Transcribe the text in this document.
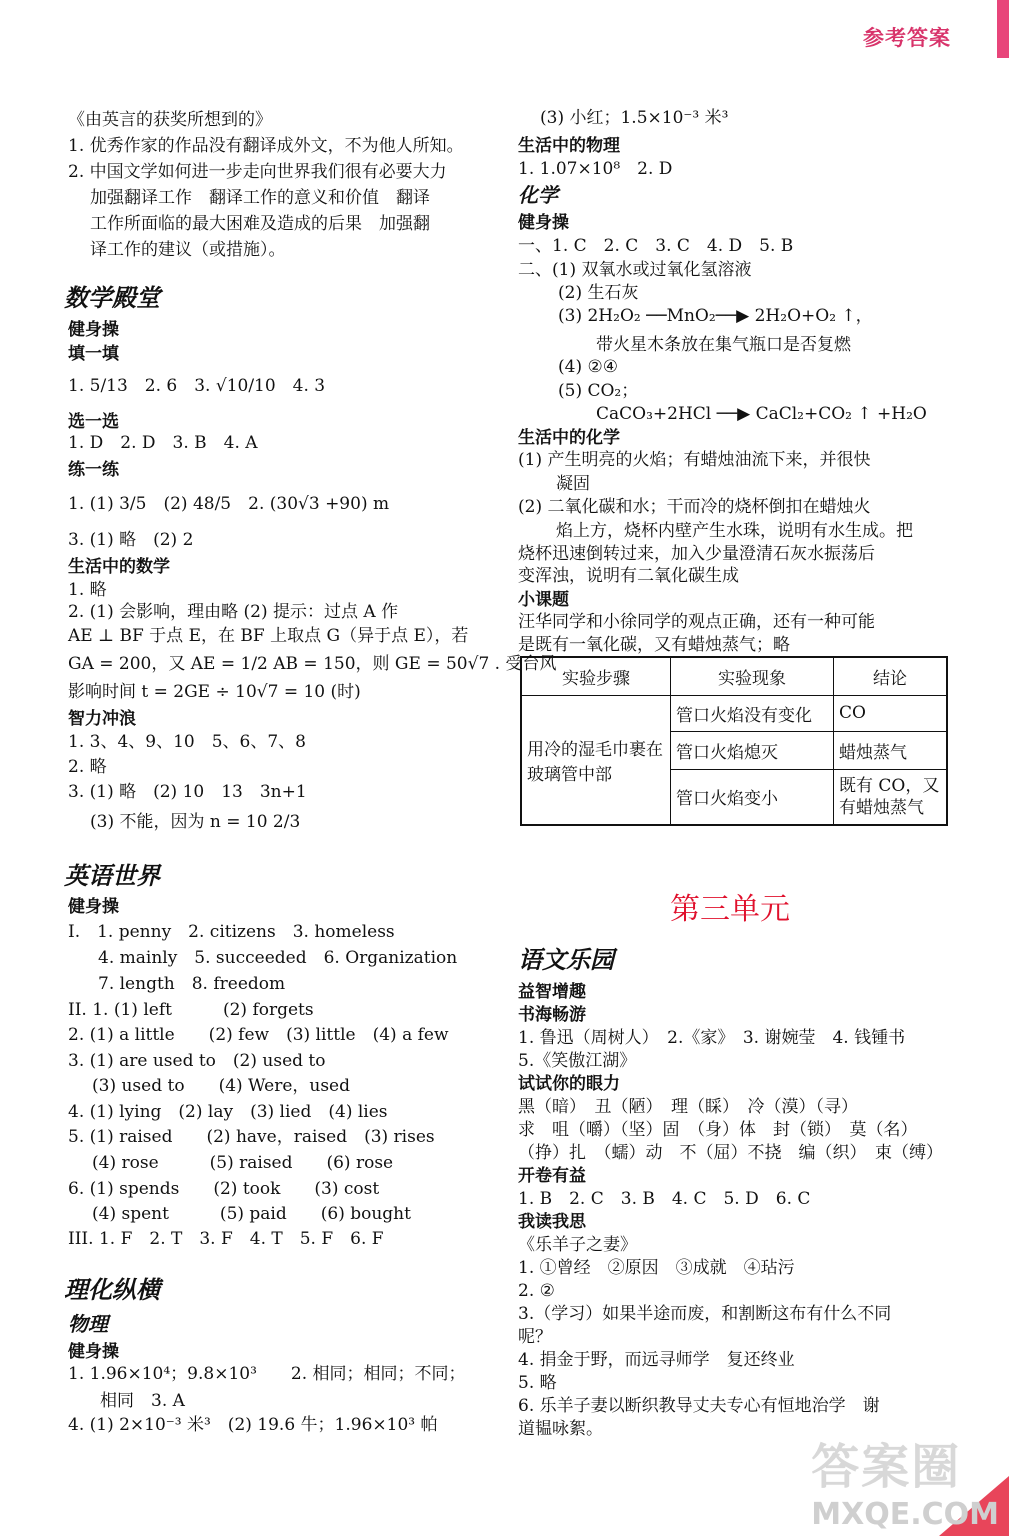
参考答案
《由英言的获奖所想到的》
1. 优秀作家的作品没有翻译成外文，不为他人所知。
2. 中国文学如何进一步走向世界我们很有必要大力
加强翻译工作　翻译工作的意义和价值　翻译
工作所面临的最大困难及造成的后果　加强翻
译工作的建议（或措施）。
数学殿堂
健身操
填一填
1. 5/13　2. 6　3. √10/10　4. 3
选一选
1. D　2. D　3. B　4. A
练一练
1. (1) 3/5　(2) 48/5　2. (30√3 +90) m
3. (1) 略　(2) 2
生活中的数学
1. 略
2. (1) 会影响，理由略 (2) 提示：过点 A 作
AE ⊥ BF 于点 E，在 BF 上取点 G（异于点 E），若
GA = 200，又 AE = 1/2 AB = 150，则 GE = 50√7 . 受台风
影响时间 t = 2GE ÷ 10√7 = 10 (时)
智力冲浪
1. 3、4、9、10　5、6、7、8
2. 略
3. (1) 略　(2) 10　13　3n+1
(3) 不能，因为 n = 10 2/3
英语世界
健身操
I.　1. penny　2. citizens　3. homeless
4. mainly　5. succeeded　6. Organization
7. length　8. freedom
II. 1. (1) left　　　(2) forgets
2. (1) a little　　(2) few　(3) little　(4) a few
3. (1) are used to　(2) used to
(3) used to　　(4) Were，used
4. (1) lying　(2) lay　(3) lied　(4) lies
5. (1) raised　　(2) have，raised　(3) rises
(4) rose　　　(5) raised　　(6) rose
6. (1) spends　　(2) took　　(3) cost
(4) spent　　　(5) paid　　(6) bought
III. 1. F　2. T　3. F　4. T　5. F　6. F
理化纵横
物理
健身操
1. 1.96×10⁴；9.8×10³　　2. 相同；相同；不同；
相同　3. A
4. (1) 2×10⁻³ 米³　(2) 19.6 牛；1.96×10³ 帕
(3) 小红；1.5×10⁻³ 米³
生活中的物理
1. 1.07×10⁸　2. D
化学
健身操
一、1. C　2. C　3. C　4. D　5. B
二、(1) 双氧水或过氧化氢溶液
(2) 生石灰
(3) 2H₂O₂ ──MnO₂──▶ 2H₂O+O₂ ↑，
带火星木条放在集气瓶口是否复燃
(4) ②④
(5) CO₂；
CaCO₃+2HCl ──▶ CaCl₂+CO₂ ↑ +H₂O
生活中的化学
(1) 产生明亮的火焰；有蜡烛油流下来，并很快
凝固
(2) 二氧化碳和水；干而冷的烧杯倒扣在蜡烛火
焰上方，烧杯内壁产生水珠，说明有水生成。把
烧杯迅速倒转过来，加入少量澄清石灰水振荡后
变浑浊，说明有二氧化碳生成
小课题
汪华同学和小徐同学的观点正确，还有一种可能
是既有一氧化碳，又有蜡烛蒸气；略
实验步骤	实验现象	结论
用冷的湿毛巾裹在玻璃管中部	管口火焰没有变化	CO
	管口火焰熄灭	蜡烛蒸气
	管口火焰变小	既有 CO，又有蜡烛蒸气
第三单元
语文乐园
益智增趣
书海畅游
1. 鲁迅（周树人）　2.《家》　3. 谢婉莹　4. 钱锺书
5.《笑傲江湖》
试试你的眼力
黑（暗）　丑（陋）　理（睬）　冷（漠）（寻）
求　咀（嚼）（坚）固　（身）体　封（锁）　莫（名）
（挣）扎　（蠕）动　不（屈）不挠　编（织）　束（缚）
开卷有益
1. B　2. C　3. B　4. C　5. D　6. C
我读我思
《乐羊子之妻》
1. ①曾经　②原因　③成就　④玷污
2. ②
3.（学习）如果半途而废，和割断这布有什么不同
呢？
4. 捐金于野，而远寻师学　复还终业
5. 略
6. 乐羊子妻以断织教导丈夫专心有恒地治学　谢
道韫咏絮。
答案圈
MXQE.COM
